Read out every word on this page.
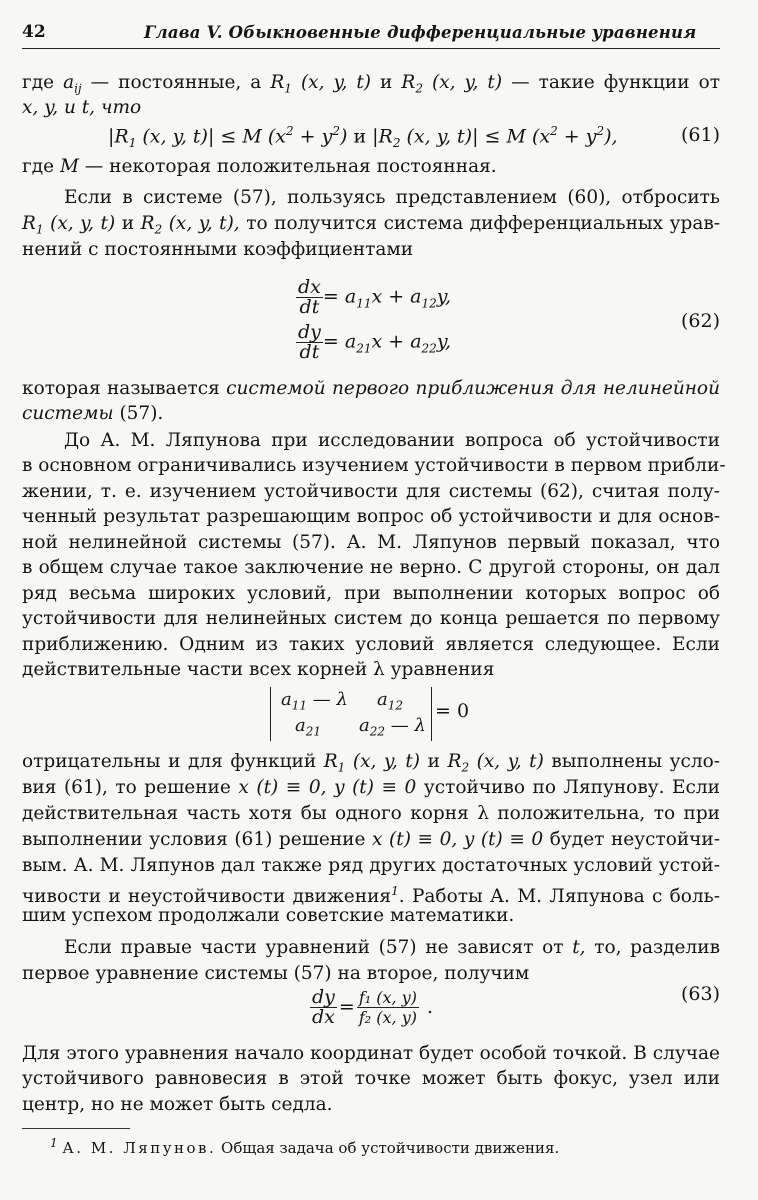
42	Глава V. Обыкновенные дифференциальные уравнения
где $a_{ij}$ — постоянные, а $R_1$ (x, y, t) и $R_2$ (x, y, t) — такие функции от
x, y, и t, что
$|R_1$ (x, y, t)| ≤ M $(x^2 + y^2)$ и $|R_2$ (x, y, t)| ≤ M $(x^2 + y^2)$,	(61)
где M — некоторая положительная постоянная.
Если в системе (57), пользуясь представлением (60), отбросить
$R_1$ (x, y, t) и $R_2$ (x, y, t), то получится система дифференциальных урав-
нений с постоянными коэффициентами
$\frac{dx}{dt} = a_{11}x + a_{12}y$,
$\frac{dy}{dt} = a_{21}x + a_{22}y$,
(62)
которая называется системой первого приближения для нелинейной
системы (57).
До А. М. Ляпунова при исследовании вопроса об устойчивости
в основном ограничивались изучением устойчивости в первом прибли-
жении, т. е. изучением устойчивости для системы (62), считая полу-
ченный результат разрешающим вопрос об устойчивости и для основ-
ной нелинейной системы (57). А. М. Ляпунов первый показал, что
в общем случае такое заключение не верно. С другой стороны, он дал
ряд весьма широких условий, при выполнении которых вопрос об
устойчивости для нелинейных систем до конца решается по первому
приближению. Одним из таких условий является следующее. Если
действительные части всех корней λ уравнения
$a_{11}$ — λ $a_{12}$
$a_{21}$ $a_{22}$ — λ
= 0
отрицательны и для функций $R_1$ (x, y, t) и $R_2$ (x, y, t) выполнены усло-
вия (61), то решение x (t) ≡ 0, y (t) ≡ 0 устойчиво по Ляпунову. Если
действительная часть хотя бы одного корня λ положительна, то при
выполнении условия (61) решение x (t) ≡ 0, y (t) ≡ 0 будет неустойчи-
вым. А. М. Ляпунов дал также ряд других достаточных условий устой-
чивости и неустойчивости движения$^1$. Работы А. М. Ляпунова с боль-
шим успехом продолжали советские математики.
Если правые части уравнений (57) не зависят от t, то, разделив
первое уравнение системы (57) на второе, получим
$\frac{dy}{dx} = \frac{\text{f₁ (x, y)}}{\text{f₂ (x, y)}}$ .
(63)
Для этого уравнения начало координат будет особой точкой. В случае
устойчивого равновесия в этой точке может быть фокус, узел или
центр, но не может быть седла.
$^1$ А. М. Ляпунов. Общая задача об устойчивости движения.
